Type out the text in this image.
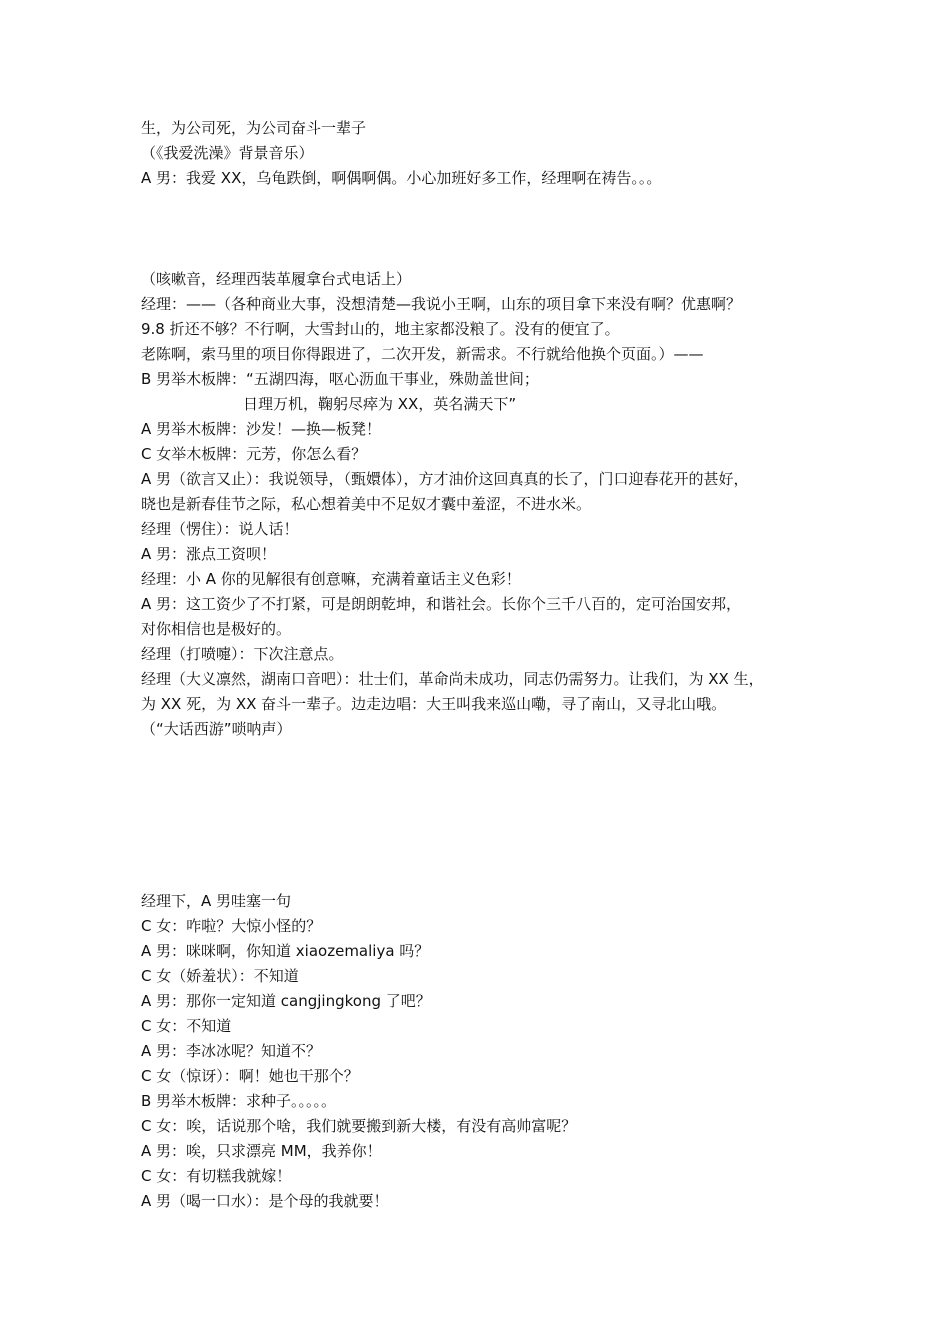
生，为公司死，为公司奋斗一辈子

（《我爱洗澡》背景音乐）

A 男：我爱 XX，乌龟跌倒，啊偶啊偶。小心加班好多工作，经理啊在祷告。。。

（咳嗽音，经理西装革履拿台式电话上）

经理：——（各种商业大事，没想清楚—我说小王啊，山东的项目拿下来没有啊？优惠啊？

9.8 折还不够？不行啊，大雪封山的，地主家都没粮了。没有的便宜了。

老陈啊，索马里的项目你得跟进了，二次开发，新需求。不行就给他换个页面。）——

B 男举木板牌：“五湖四海，呕心沥血干事业，殊勋盖世间；

日理万机，鞠躬尽瘁为 XX，英名满天下”

A 男举木板牌：沙发！—换—板凳！

C 女举木板牌：元芳，你怎么看？

A 男（欲言又止）：我说领导，（甄嬛体），方才油价这回真真的长了，门口迎春花开的甚好，

晓也是新春佳节之际，私心想着美中不足奴才囊中羞涩，不进水米。

经理（愣住）：说人话！

A 男：涨点工资呗！

经理：小 A 你的见解很有创意嘛，充满着童话主义色彩！

A 男：这工资少了不打紧，可是朗朗乾坤，和谐社会。长你个三千八百的，定可治国安邦，

对你相信也是极好的。

经理（打喷嚏）：下次注意点。

经理（大义凛然，湖南口音吧）：壮士们，革命尚未成功，同志仍需努力。让我们，为 XX 生，

为 XX 死，为 XX 奋斗一辈子。边走边唱：大王叫我来巡山嘞，寻了南山，又寻北山哦。

（“大话西游”唢呐声）

经理下，A 男哇塞一句

C 女：咋啦？大惊小怪的？

A 男：咪咪啊，你知道 xiaozemaliya 吗？

C 女（娇羞状）：不知道

A 男：那你一定知道 cangjingkong 了吧？

C 女：不知道

A 男：李冰冰呢？知道不？

C 女（惊讶）：啊！她也干那个？

B 男举木板牌：求种子。。。。。

C 女：唉，话说那个啥，我们就要搬到新大楼，有没有高帅富呢？

A 男：唉，只求漂亮 MM，我养你！

C 女：有切糕我就嫁！

A 男（喝一口水）：是个母的我就要！
